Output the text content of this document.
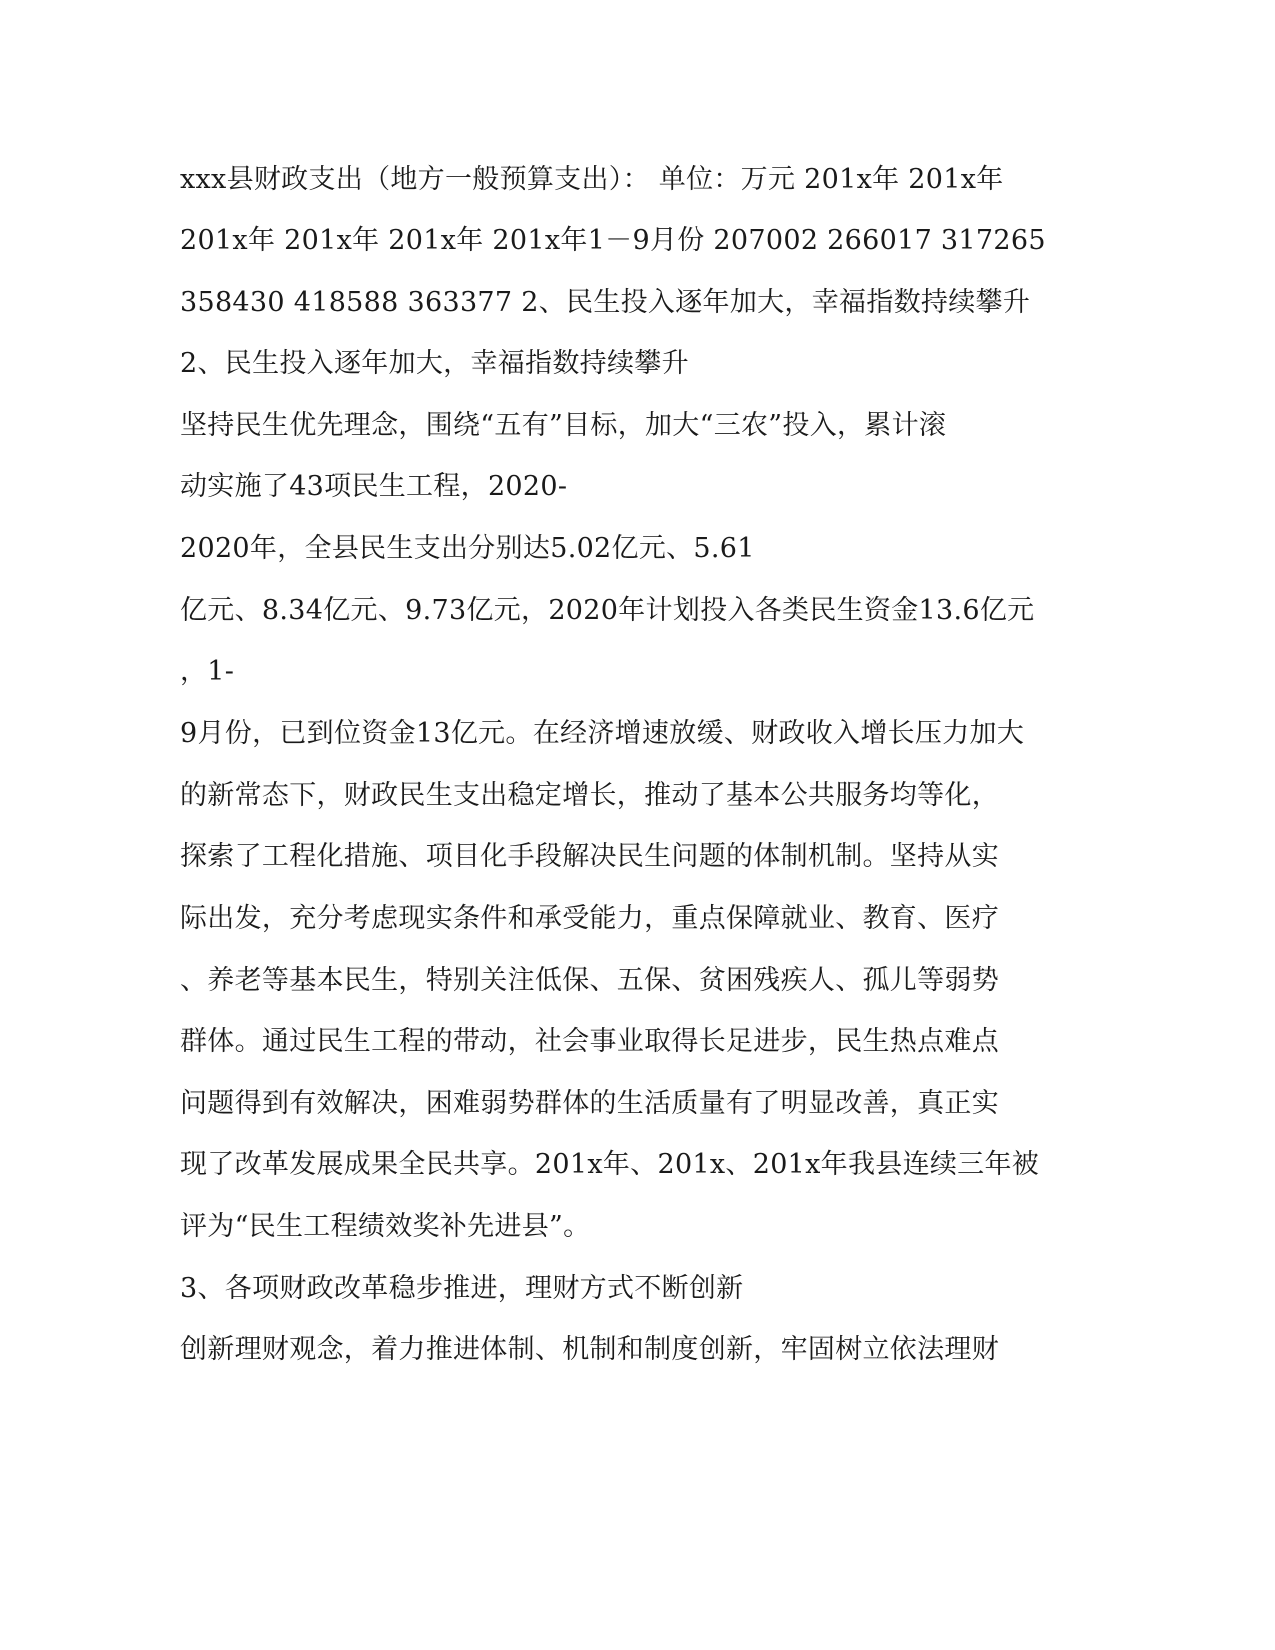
xxx县财政支出（地方一般预算支出）： 单位：万元 201x年 201x年
201x年 201x年 201x年 201x年1－9月份 207002 266017 317265
358430 418588 363377 2、民生投入逐年加大，幸福指数持续攀升
2、民生投入逐年加大，幸福指数持续攀升
坚持民生优先理念，围绕“五有”目标，加大“三农”投入，累计滚
动实施了43项民生工程，2020-
2020年，全县民生支出分别达5.02亿元、5.61
亿元、8.34亿元、9.73亿元，2020年计划投入各类民生资金13.6亿元
，1-
9月份，已到位资金13亿元。在经济增速放缓、财政收入增长压力加大
的新常态下，财政民生支出稳定增长，推动了基本公共服务均等化，
探索了工程化措施、项目化手段解决民生问题的体制机制。坚持从实
际出发，充分考虑现实条件和承受能力，重点保障就业、教育、医疗
、养老等基本民生，特别关注低保、五保、贫困残疾人、孤儿等弱势
群体。通过民生工程的带动，社会事业取得长足进步，民生热点难点
问题得到有效解决，困难弱势群体的生活质量有了明显改善，真正实
现了改革发展成果全民共享。201x年、201x、201x年我县连续三年被
评为“民生工程绩效奖补先进县”。
3、各项财政改革稳步推进，理财方式不断创新
创新理财观念，着力推进体制、机制和制度创新，牢固树立依法理财
